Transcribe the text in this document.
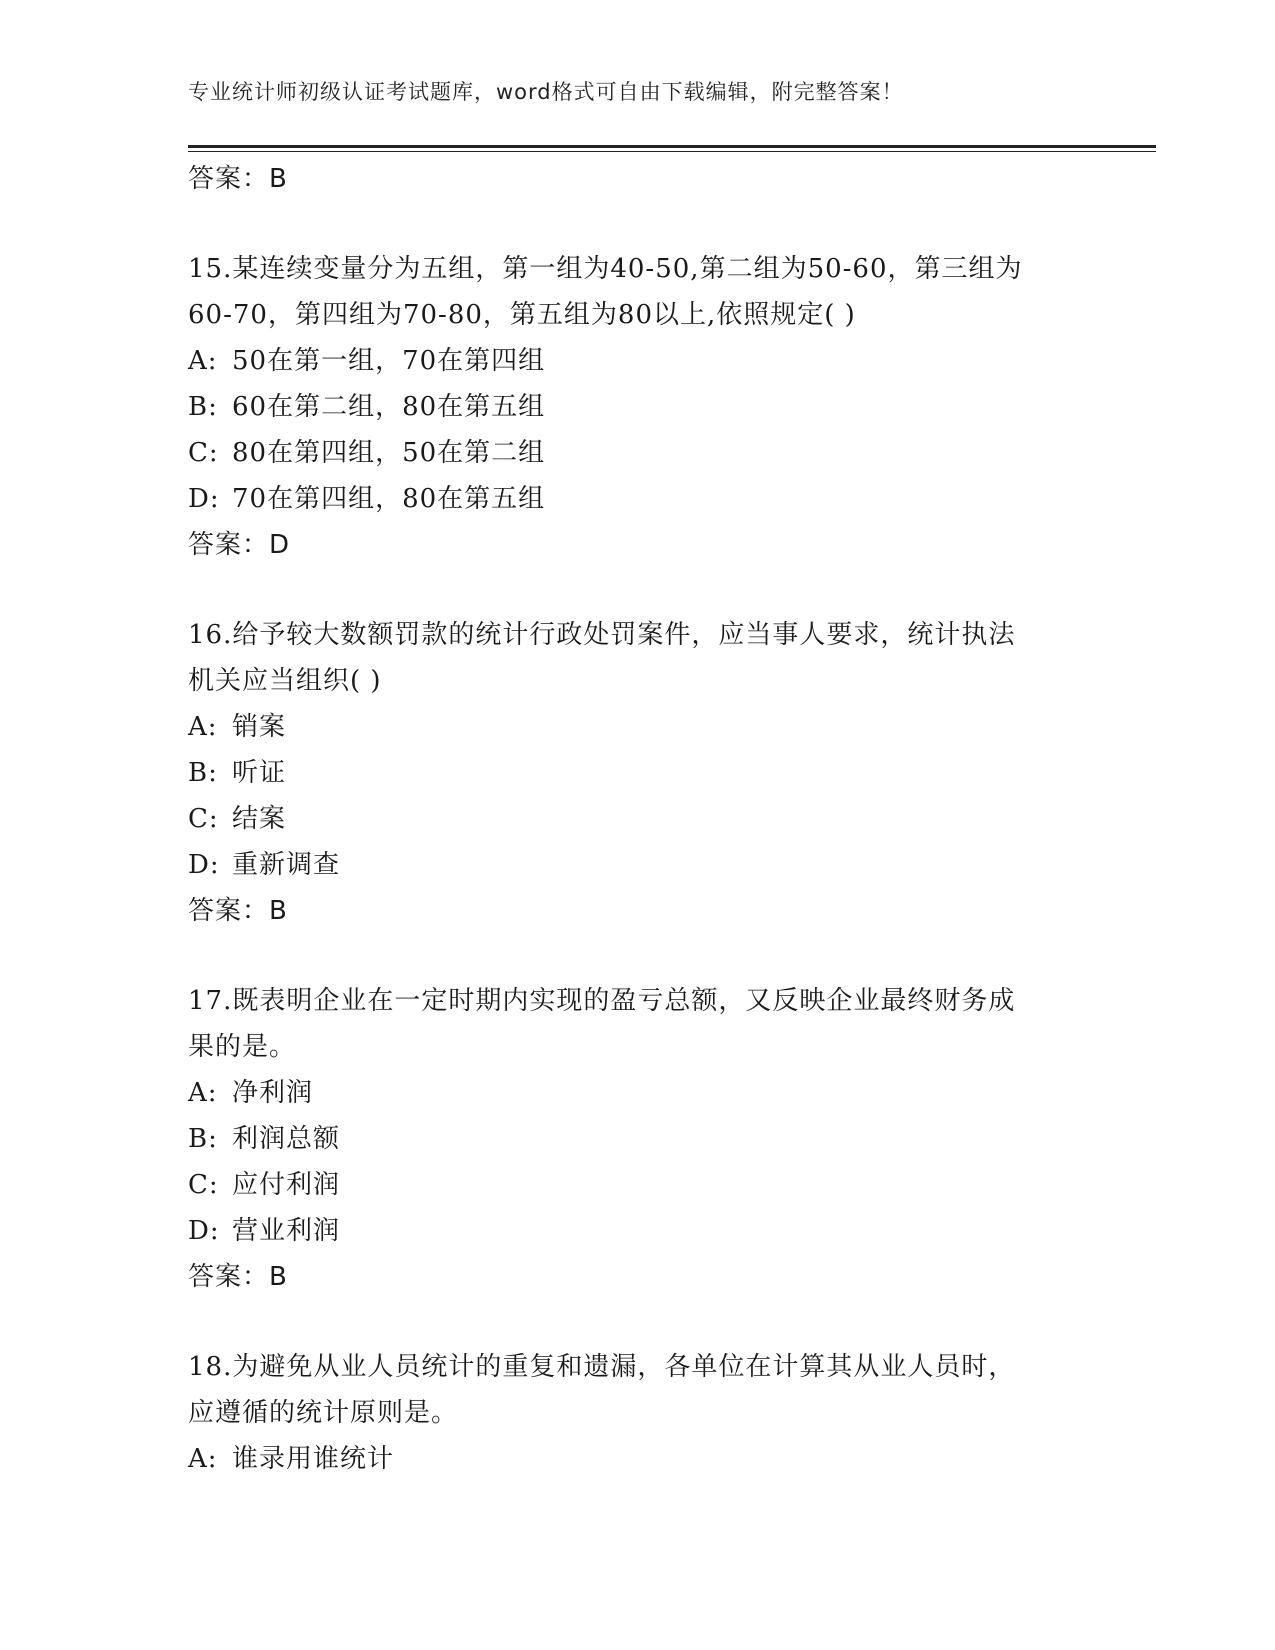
专业统计师初级认证考试题库，word格式可自由下载编辑，附完整答案！
答案：B
15.某连续变量分为五组，第一组为40-50,第二组为50-60，第三组为
60-70，第四组为70-80，第五组为80以上,依照规定( )
A: 50在第一组，70在第四组
B: 60在第二组，80在第五组
C: 80在第四组，50在第二组
D: 70在第四组，80在第五组
答案：D
16.给予较大数额罚款的统计行政处罚案件，应当事人要求，统计执法
机关应当组织( )
A: 销案
B: 听证
C: 结案
D: 重新调查
答案：B
17.既表明企业在一定时期内实现的盈亏总额，又反映企业最终财务成
果的是。
A: 净利润
B: 利润总额
C: 应付利润
D: 营业利润
答案：B
18.为避免从业人员统计的重复和遗漏，各单位在计算其从业人员时，
应遵循的统计原则是。
A: 谁录用谁统计
